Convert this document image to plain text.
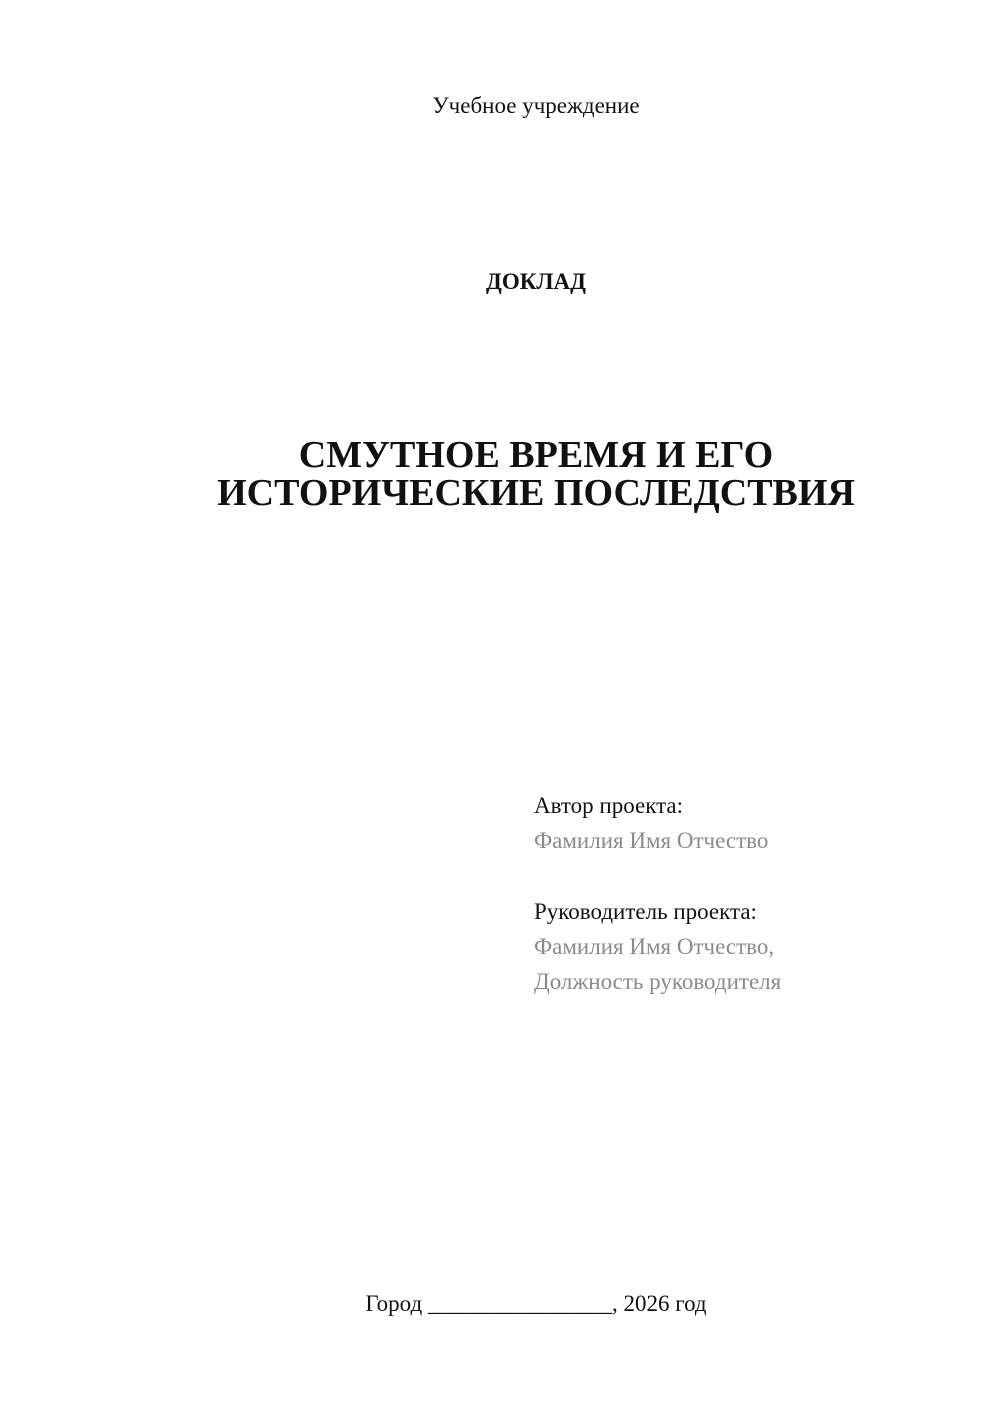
Учебное учреждение
ДОКЛАД
СМУТНОЕ ВРЕМЯ И ЕГО
ИСТОРИЧЕСКИЕ ПОСЛЕДСТВИЯ
Автор проекта:
Фамилия Имя Отчество
Руководитель проекта:
Фамилия Имя Отчество,
Должность руководителя
Город ________________, 2026 год
